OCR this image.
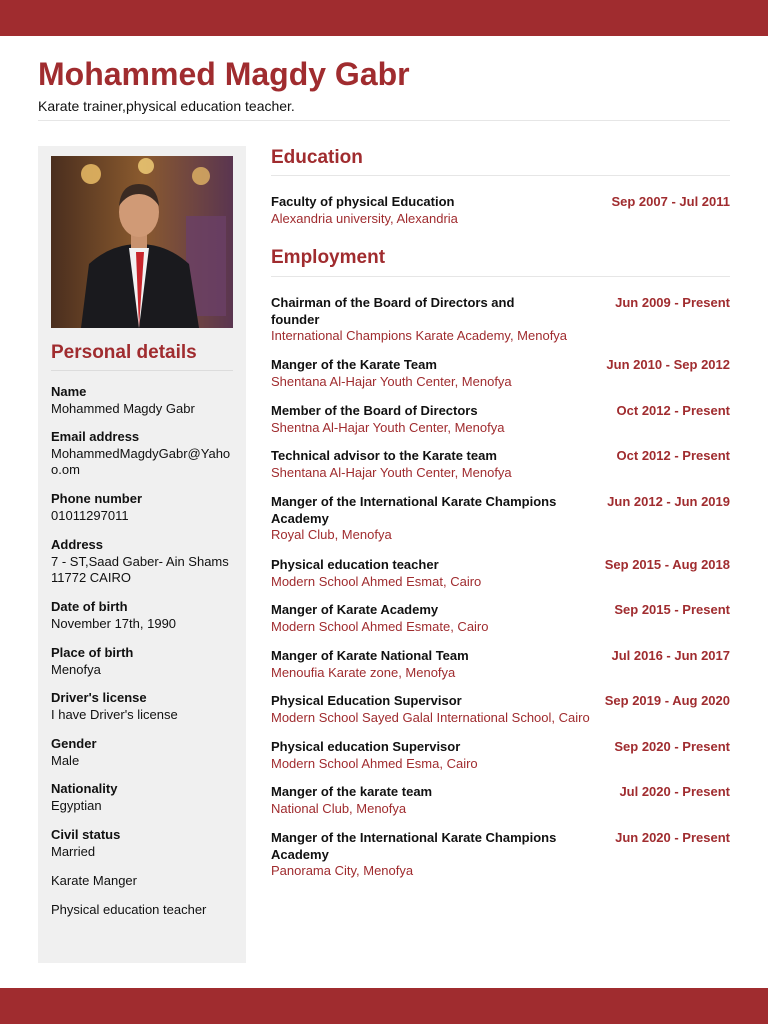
Mohammed Magdy Gabr
Karate trainer,physical education teacher.
Personal details
Name
Mohammed Magdy Gabr
Email address
MohammedMagdyGabr@Yahoo.om
Phone number
01011297011
Address
7 - ST,Saad Gaber- Ain Shams 11772 CAIRO
Date of birth
November 17th, 1990
Place of birth
Menofya
Driver's license
I have Driver's license
Gender
Male
Nationality
Egyptian
Civil status
Married
Karate Manger
Physical education teacher
Education
Faculty of physical Education
Alexandria university, Alexandria
Sep 2007 - Jul 2011
Employment
Chairman of the Board of Directors and founder
International Champions Karate Academy, Menofya
Jun 2009 - Present
Manger of the Karate Team
Shentana Al-Hajar Youth Center, Menofya
Jun 2010 - Sep 2012
Member of the Board of Directors
Shentna Al-Hajar Youth Center, Menofya
Oct 2012 - Present
Technical advisor to the Karate team
Shentana Al-Hajar Youth Center, Menofya
Oct 2012 - Present
Manger of the International Karate Champions Academy
Royal Club, Menofya
Jun 2012 - Jun 2019
Physical education teacher
Modern School Ahmed Esmat, Cairo
Sep 2015 - Aug 2018
Manger of Karate Academy
Modern School Ahmed Esmate, Cairo
Sep 2015 - Present
Manger of Karate National Team
Menoufia Karate zone, Menofya
Jul 2016 - Jun 2017
Physical Education Supervisor
Modern School Sayed Galal International School, Cairo
Sep 2019 - Aug 2020
Physical education Supervisor
Modern School Ahmed Esma, Cairo
Sep 2020 - Present
Manger of the karate team
National Club, Menofya
Jul 2020 - Present
Manger of the International Karate Champions Academy
Panorama City, Menofya
Jun 2020 - Present
